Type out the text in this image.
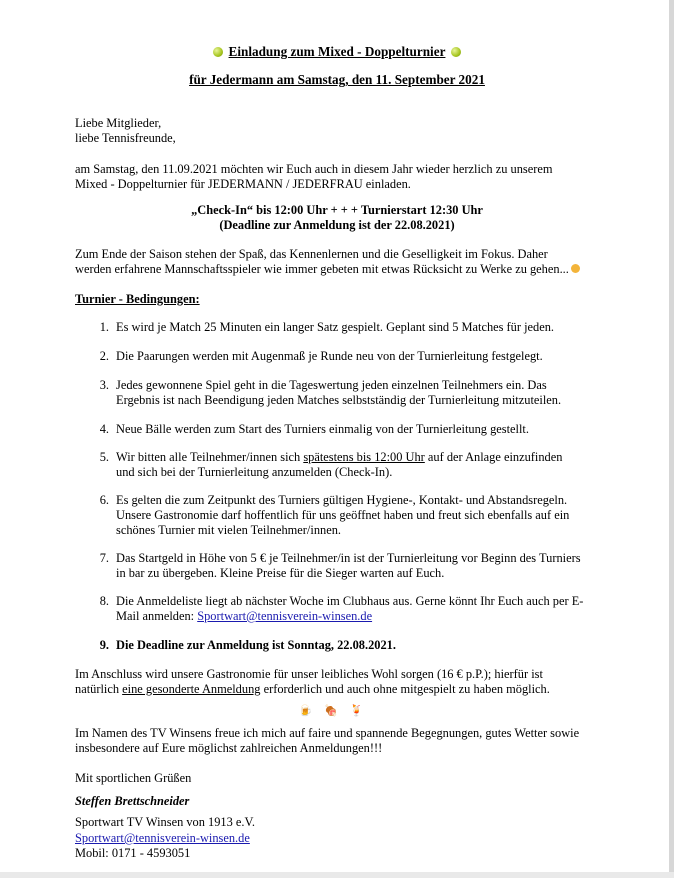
Einladung zum Mixed - Doppelturnier
für Jedermann am Samstag, den 11. September 2021
Liebe Mitglieder,
liebe Tennisfreunde,
am Samstag, den 11.09.2021 möchten wir Euch auch in diesem Jahr wieder herzlich zu unserem
Mixed - Doppelturnier für JEDERMANN / JEDERFRAU einladen.
„Check-In“ bis 12:00 Uhr + + + Turnierstart 12:30 Uhr
(Deadline zur Anmeldung ist der 22.08.2021)
Zum Ende der Saison stehen der Spaß, das Kennenlernen und die Geselligkeit im Fokus. Daher
werden erfahrene Mannschaftsspieler wie immer gebeten mit etwas Rücksicht zu Werke zu gehen...
Turnier - Bedingungen:
1. Es wird je Match 25 Minuten ein langer Satz gespielt. Geplant sind 5 Matches für jeden.
2. Die Paarungen werden mit Augenmaß je Runde neu von der Turnierleitung festgelegt.
3. Jedes gewonnene Spiel geht in die Tageswertung jeden einzelnen Teilnehmers ein. Das
Ergebnis ist nach Beendigung jeden Matches selbstständig der Turnierleitung mitzuteilen.
4. Neue Bälle werden zum Start des Turniers einmalig von der Turnierleitung gestellt.
5. Wir bitten alle Teilnehmer/innen sich spätestens bis 12:00 Uhr auf der Anlage einzufinden
und sich bei der Turnierleitung anzumelden (Check-In).
6. Es gelten die zum Zeitpunkt des Turniers gültigen Hygiene-, Kontakt- und Abstandsregeln.
Unsere Gastronomie darf hoffentlich für uns geöffnet haben und freut sich ebenfalls auf ein
schönes Turnier mit vielen Teilnehmer/innen.
7. Das Startgeld in Höhe von 5 € je Teilnehmer/in ist der Turnierleitung vor Beginn des Turniers
in bar zu übergeben. Kleine Preise für die Sieger warten auf Euch.
8. Die Anmeldeliste liegt ab nächster Woche im Clubhaus aus. Gerne könnt Ihr Euch auch per E-
Mail anmelden: Sportwart@tennisverein-winsen.de
9. Die Deadline zur Anmeldung ist Sonntag, 22.08.2021.
Im Anschluss wird unsere Gastronomie für unser leibliches Wohl sorgen (16 € p.P.); hierfür ist
natürlich eine gesonderte Anmeldung erforderlich und auch ohne mitgespielt zu haben möglich.
🍺🍖🍹
Im Namen des TV Winsens freue ich mich auf faire und spannende Begegnungen, gutes Wetter sowie
insbesondere auf Eure möglichst zahlreichen Anmeldungen!!!
Mit sportlichen Grüßen
Steffen Brettschneider
Sportwart TV Winsen von 1913 e.V.
Sportwart@tennisverein-winsen.de
Mobil: 0171 - 4593051
